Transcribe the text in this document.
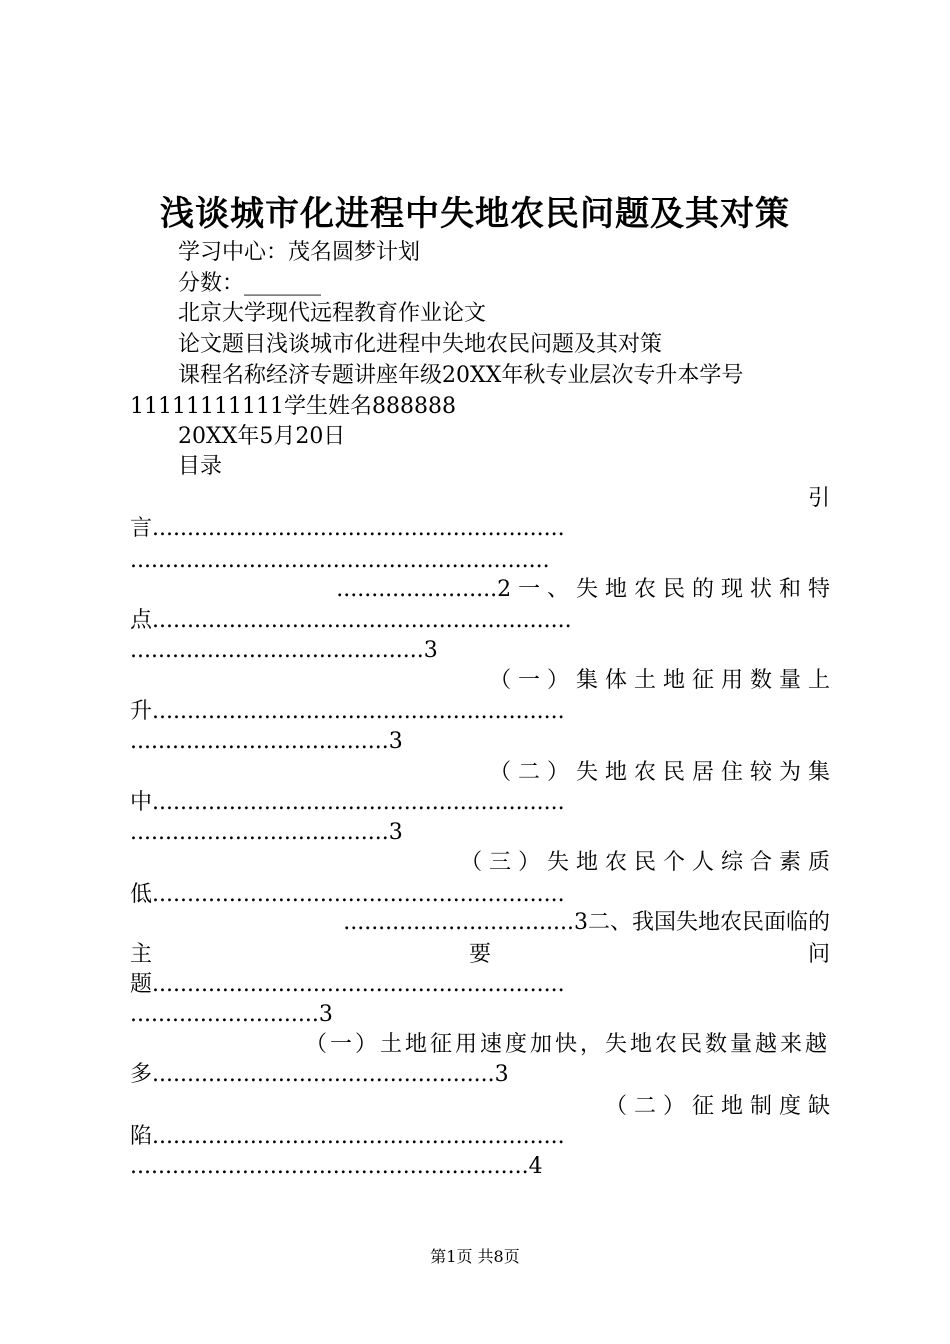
浅谈城市化进程中失地农民问题及其对策
学习中心：茂名圆梦计划
分数：_______
北京大学现代远程教育作业论文
论文题目浅谈城市化进程中失地农民问题及其对策
课程名称经济专题讲座年级20XX年秋专业层次专升本学号
11111111111学生姓名888888
20XX年5月20日
目录
引
言...........................................................
............................................................
.......................2 一 、 失 地 农 民 的 现 状 和 特
点............................................................
..........................................3
（ 一 ） 集 体 土 地 征 用 数 量 上
升...........................................................
.....................................3
（ 二 ） 失 地 农 民 居 住 较 为 集
中...........................................................
.....................................3
（ 三 ） 失 地 农 民 个 人 综 合 素 质
低...........................................................
.................................3二、我国失地农民面临的
主	要	问
题...........................................................
...........................3
（一）土地征用速度加快，失地农民数量越来越
多.................................................3
（ 二 ） 征 地 制 度 缺
陷...........................................................
.........................................................4
第1页 共8页
